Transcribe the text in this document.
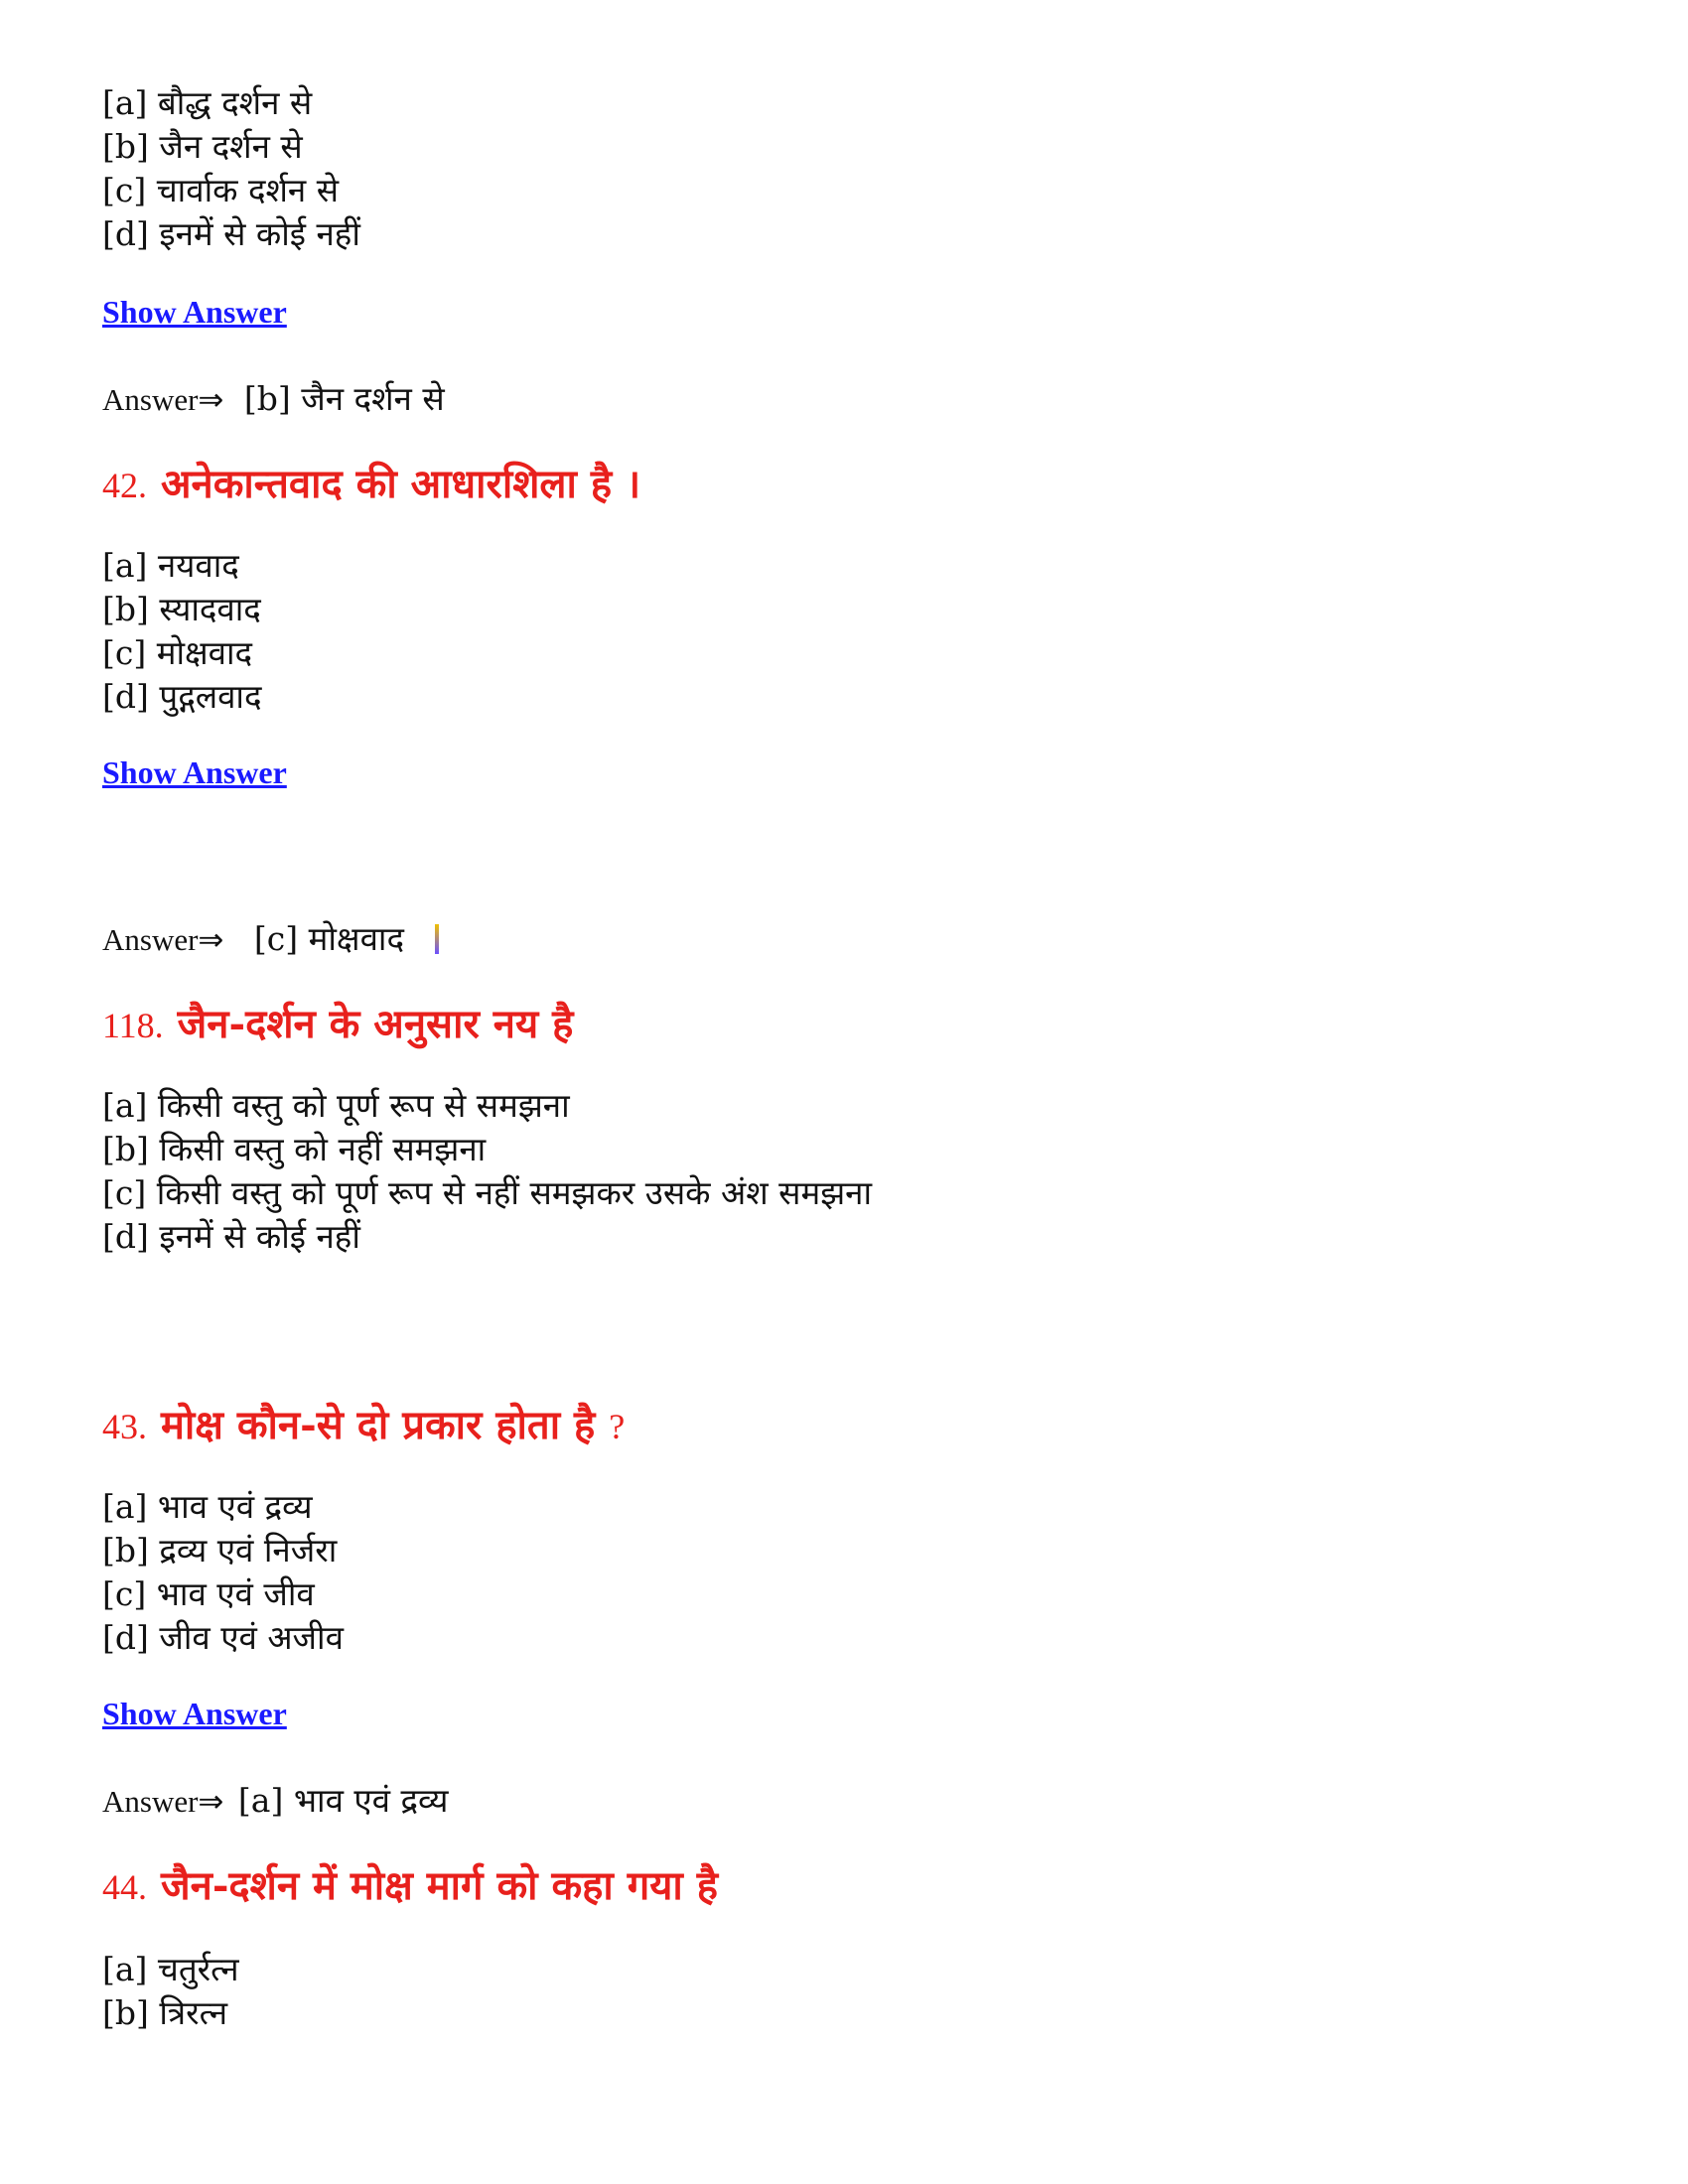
[a] बौद्ध दर्शन से
[b] जैन दर्शन से
[c] चार्वाक दर्शन से
[d] इनमें से कोई नहीं
Show Answer
Answer⇒ [b] जैन दर्शन से
42. अनेकान्तवाद की आधारशिला है ।
[a] नयवाद
[b] स्यादवाद
[c] मोक्षवाद
[d] पुद्गलवाद
Show Answer
Answer⇒ [c] मोक्षवाद
118. जैन-दर्शन के अनुसार नय है
[a] किसी वस्तु को पूर्ण रूप से समझना
[b] किसी वस्तु को नहीं समझना
[c] किसी वस्तु को पूर्ण रूप से नहीं समझकर उसके अंश समझना
[d] इनमें से कोई नहीं
43. मोक्ष कौन-से दो प्रकार होता है ?
[a] भाव एवं द्रव्य
[b] द्रव्य एवं निर्जरा
[c] भाव एवं जीव
[d] जीव एवं अजीव
Show Answer
Answer⇒ [a] भाव एवं द्रव्य
44. जैन-दर्शन में मोक्ष मार्ग को कहा गया है
[a] चतुर्रत्न
[b] त्रिरत्न
